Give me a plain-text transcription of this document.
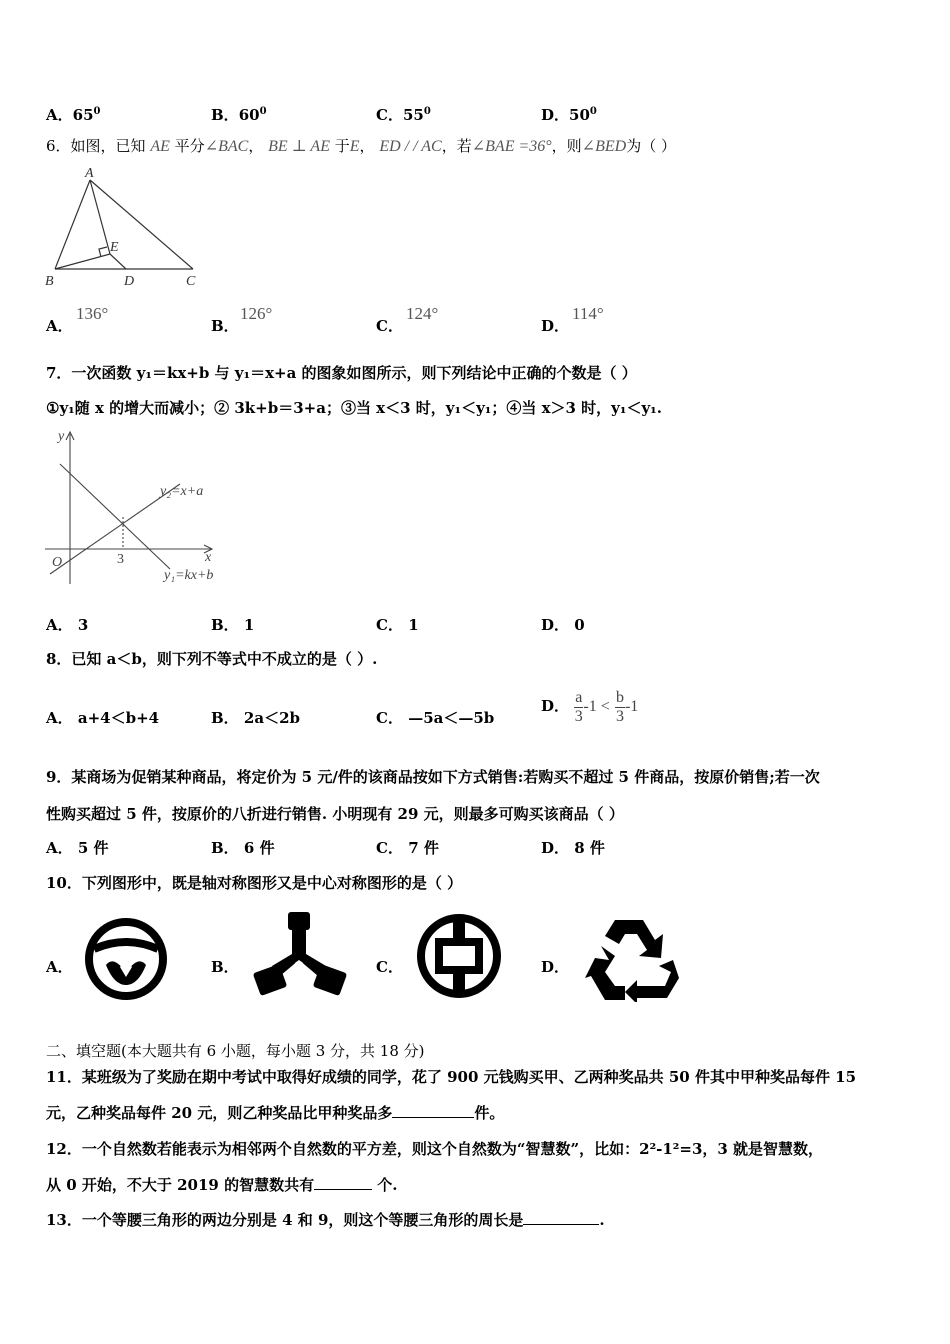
A．$65^0$	B．$60^0$	C．$55^0$	D．$50^0$
6．如图，已知 AE 平分∠BAC， BE ⊥ AE 于E， ED / / AC，若∠BAE =36°，则∠BED为（ ）
A
B	C
D
E
A．
136°
B．
126°
C．
124°
D．
114°
7．一次函数 y₁＝kx+b 与 y₁＝x+a 的图象如图所示，则下列结论中正确的个数是（ ）
①y₁随 x 的增大而减小；② 3k+b＝3+a；③当 x＜3 时，y₁＜y₁；④当 x＞3 时，y₁＜y₁.
y
x
O	3
y₂=x+a
y₁=kx+b
A． 3	B． 1	C． 1	D． 0
8．已知 a＜b，则下列不等式中不成立的是（ ）.
A． a+4＜b+4	B． 2a＜2b	C． —5a＜—5b
D． $\frac{a}{3} -1 < \frac{b}{3} -1$
9．某商场为促销某种商品，将定价为 5 元/件的该商品按如下方式销售:若购买不超过 5 件商品，按原价销售;若一次
性购买超过 5 件，按原价的八折进行销售. 小明现有 29 元，则最多可购买该商品（ ）
A． 5 件	B． 6 件	C． 7 件	D． 8 件
10．下列图形中，既是轴对称图形又是中心对称图形的是（ ）
A．	B．	C．	D．
二、填空题(本大题共有 6 小题，每小题 3 分，共 18 分)
11．某班级为了奖励在期中考试中取得好成绩的同学，花了 900 元钱购买甲、乙两种奖品共 50 件其中甲种奖品每件 15
元，乙种奖品每件 20 元，则乙种奖品比甲种奖品多	件。
12．一个自然数若能表示为相邻两个自然数的平方差，则这个自然数为“智慧数”，比如：2²-1²=3，3 就是智慧数，
从 0 开始，不大于 2019 的智慧数共有	个.
13．一个等腰三角形的两边分别是 4 和 9，则这个等腰三角形的周长是	.
